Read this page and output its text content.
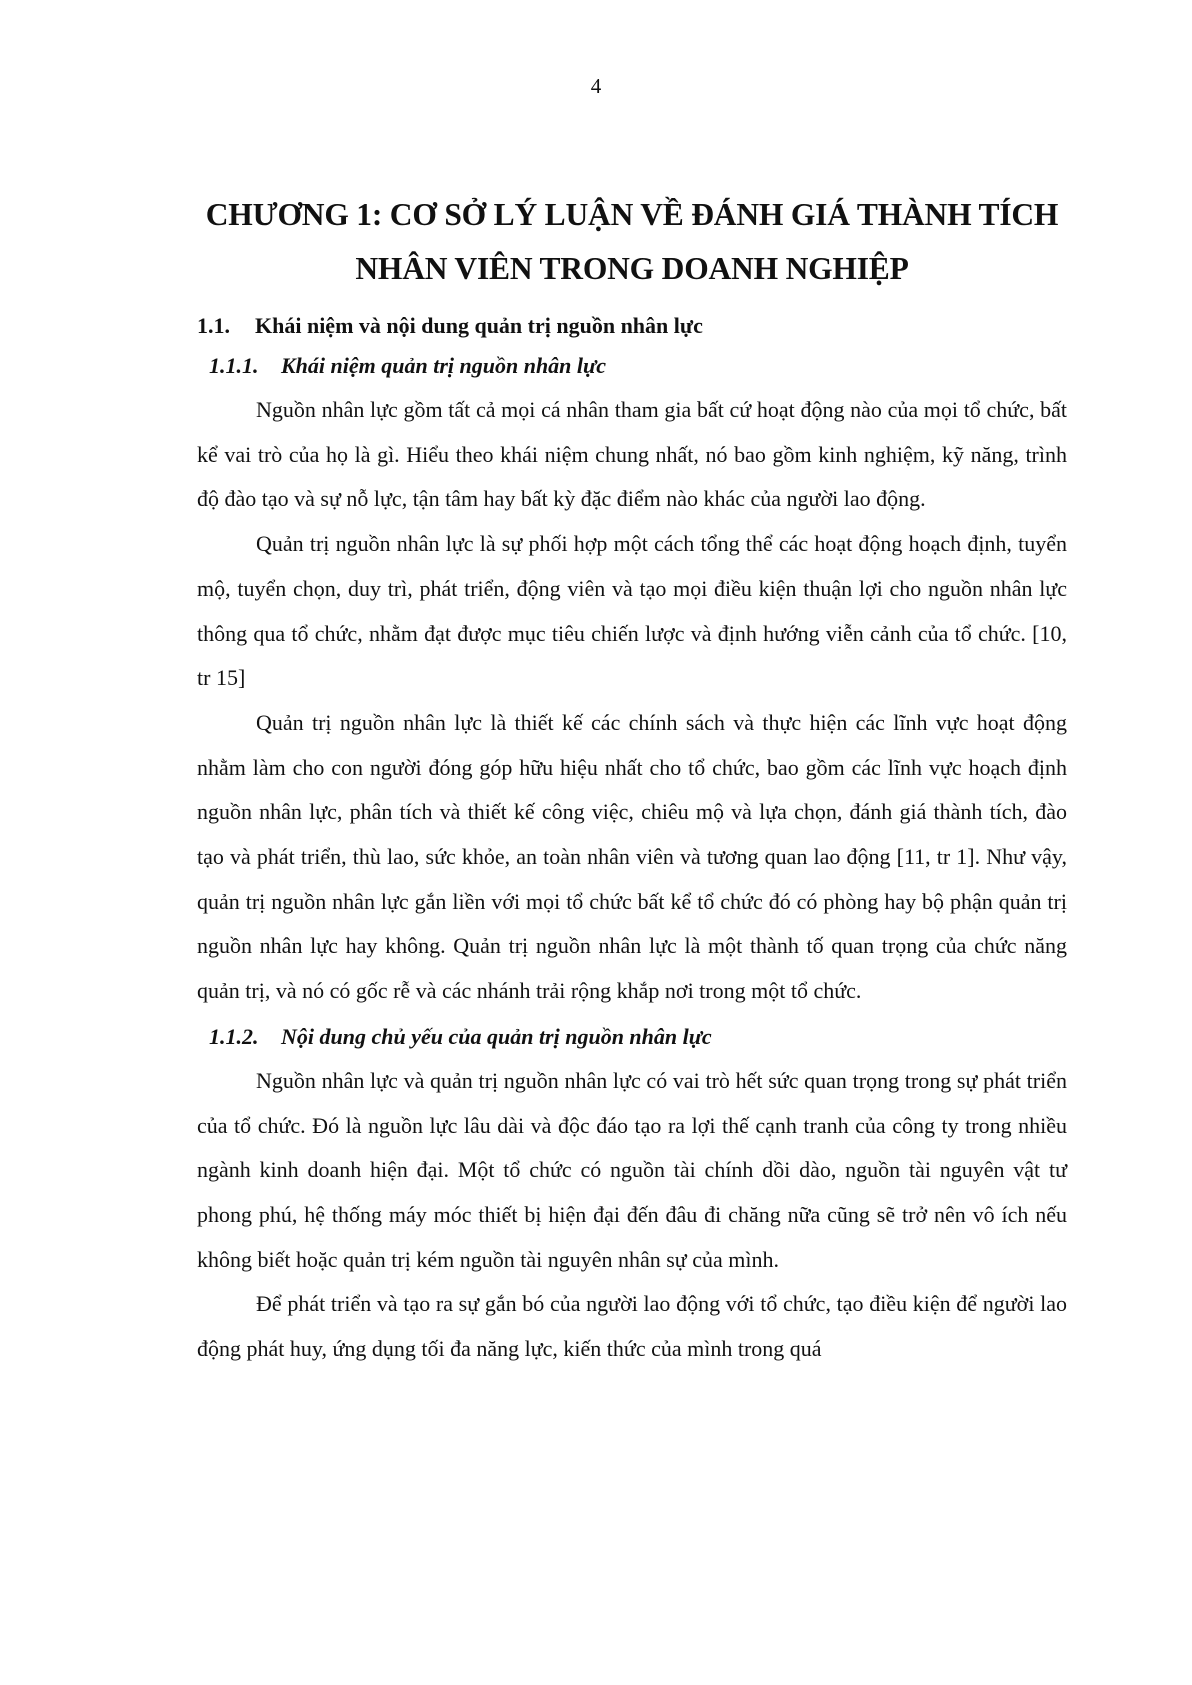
4
CHƯƠNG 1: CƠ SỞ LÝ LUẬN VỀ ĐÁNH GIÁ THÀNH TÍCH
NHÂN VIÊN TRONG DOANH NGHIỆP
1.1. Khái niệm và nội dung quản trị nguồn nhân lực
1.1.1. Khái niệm quản trị nguồn nhân lực

Nguồn nhân lực gồm tất cả mọi cá nhân tham gia bất cứ hoạt động nào của mọi tổ chức, bất kể vai trò của họ là gì. Hiểu theo khái niệm chung nhất, nó bao gồm kinh nghiệm, kỹ năng, trình độ đào tạo và sự nỗ lực, tận tâm hay bất kỳ đặc điểm nào khác của người lao động.

Quản trị nguồn nhân lực là sự phối hợp một cách tổng thể các hoạt động hoạch định, tuyển mộ, tuyển chọn, duy trì, phát triển, động viên và tạo mọi điều kiện thuận lợi cho nguồn nhân lực thông qua tổ chức, nhằm đạt được mục tiêu chiến lược và định hướng viễn cảnh của tổ chức. [10, tr 15]

Quản trị nguồn nhân lực là thiết kế các chính sách và thực hiện các lĩnh vực hoạt động nhằm làm cho con người đóng góp hữu hiệu nhất cho tổ chức, bao gồm các lĩnh vực hoạch định nguồn nhân lực, phân tích và thiết kế công việc, chiêu mộ và lựa chọn, đánh giá thành tích, đào tạo và phát triển, thù lao, sức khỏe, an toàn nhân viên và tương quan lao động [11, tr 1]. Như vậy, quản trị nguồn nhân lực gắn liền với mọi tổ chức bất kể tổ chức đó có phòng hay bộ phận quản trị nguồn nhân lực hay không. Quản trị nguồn nhân lực là một thành tố quan trọng của chức năng quản trị, và nó có gốc rễ và các nhánh trải rộng khắp nơi trong một tổ chức.

1.1.2. Nội dung chủ yếu của quản trị nguồn nhân lực

Nguồn nhân lực và quản trị nguồn nhân lực có vai trò hết sức quan trọng trong sự phát triển của tổ chức. Đó là nguồn lực lâu dài và độc đáo tạo ra lợi thế cạnh tranh của công ty trong nhiều ngành kinh doanh hiện đại. Một tổ chức có nguồn tài chính dồi dào, nguồn tài nguyên vật tư phong phú, hệ thống máy móc thiết bị hiện đại đến đâu đi chăng nữa cũng sẽ trở nên vô ích nếu không biết hoặc quản trị kém nguồn tài nguyên nhân sự của mình.

Để phát triển và tạo ra sự gắn bó của người lao động với tổ chức, tạo điều kiện để người lao động phát huy, ứng dụng tối đa năng lực, kiến thức của mình trong quá
